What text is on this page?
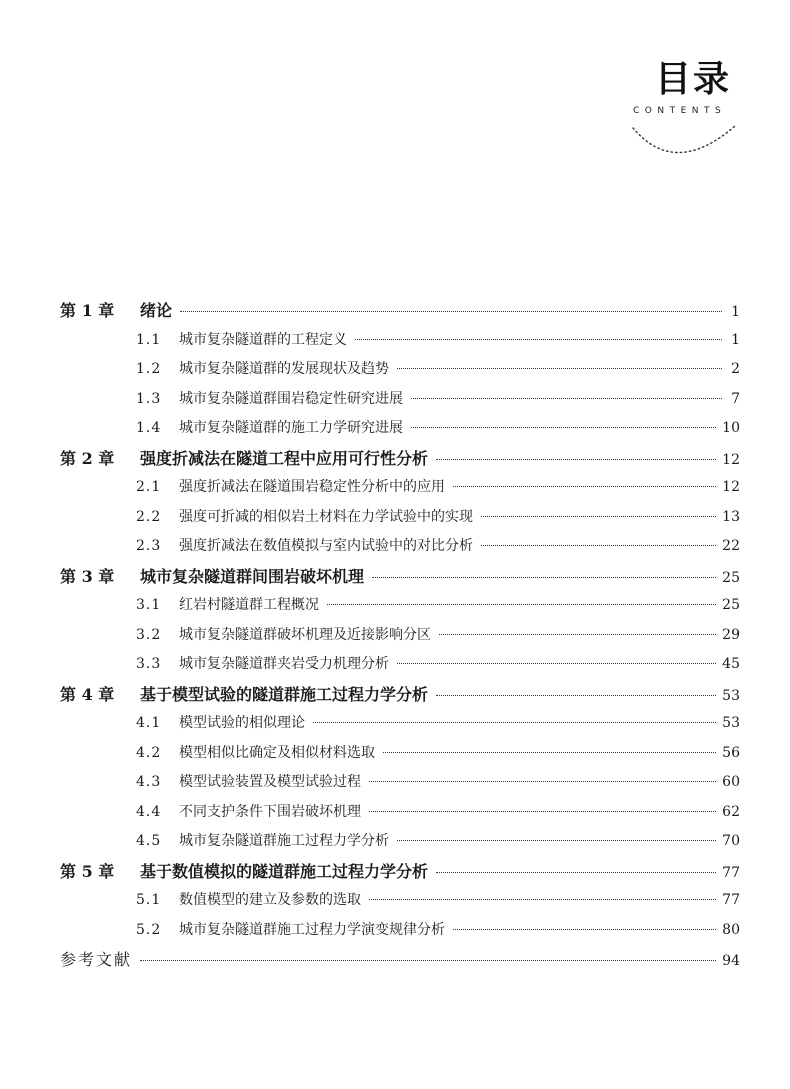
目录
CONTENTS
第 1 章	绪论	1
1.1	城市复杂隧道群的工程定义	1
1.2	城市复杂隧道群的发展现状及趋势	2
1.3	城市复杂隧道群围岩稳定性研究进展	7
1.4	城市复杂隧道群的施工力学研究进展	10
第 2 章	强度折减法在隧道工程中应用可行性分析	12
2.1	强度折减法在隧道围岩稳定性分析中的应用	12
2.2	强度可折减的相似岩土材料在力学试验中的实现	13
2.3	强度折减法在数值模拟与室内试验中的对比分析	22
第 3 章	城市复杂隧道群间围岩破坏机理	25
3.1	红岩村隧道群工程概况	25
3.2	城市复杂隧道群破坏机理及近接影响分区	29
3.3	城市复杂隧道群夹岩受力机理分析	45
第 4 章	基于模型试验的隧道群施工过程力学分析	53
4.1	模型试验的相似理论	53
4.2	模型相似比确定及相似材料选取	56
4.3	模型试验装置及模型试验过程	60
4.4	不同支护条件下围岩破坏机理	62
4.5	城市复杂隧道群施工过程力学分析	70
第 5 章	基于数值模拟的隧道群施工过程力学分析	77
5.1	数值模型的建立及参数的选取	77
5.2	城市复杂隧道群施工过程力学演变规律分析	80
参考文献	94
